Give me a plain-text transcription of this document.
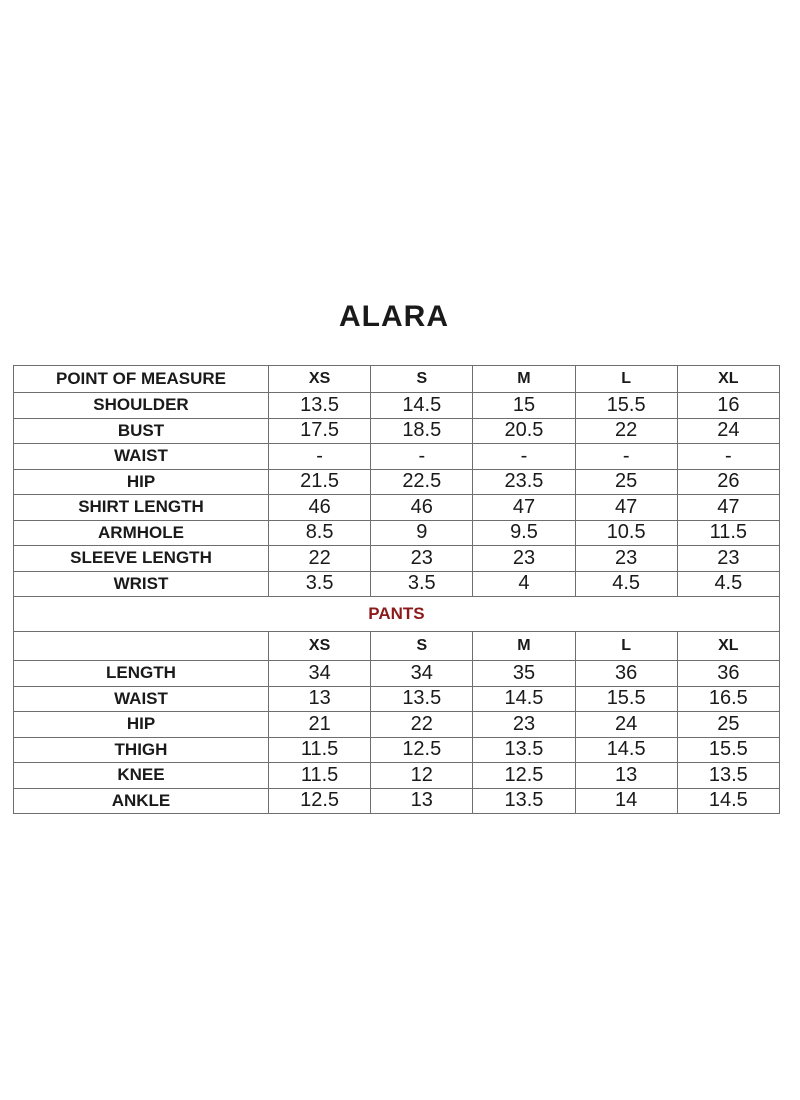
ALARA
POINT OF MEASURE	XS	S	M	L	XL
SHOULDER	13.5	14.5	15	15.5	16
BUST	17.5	18.5	20.5	22	24
WAIST	-	-	-	-	-
HIP	21.5	22.5	23.5	25	26
SHIRT LENGTH	46	46	47	47	47
ARMHOLE	8.5	9	9.5	10.5	11.5
SLEEVE LENGTH	22	23	23	23	23
WRIST	3.5	3.5	4	4.5	4.5
PANTS					
	XS	S	M	L	XL
LENGTH	34	34	35	36	36
WAIST	13	13.5	14.5	15.5	16.5
HIP	21	22	23	24	25
THIGH	11.5	12.5	13.5	14.5	15.5
KNEE	11.5	12	12.5	13	13.5
ANKLE	12.5	13	13.5	14	14.5
